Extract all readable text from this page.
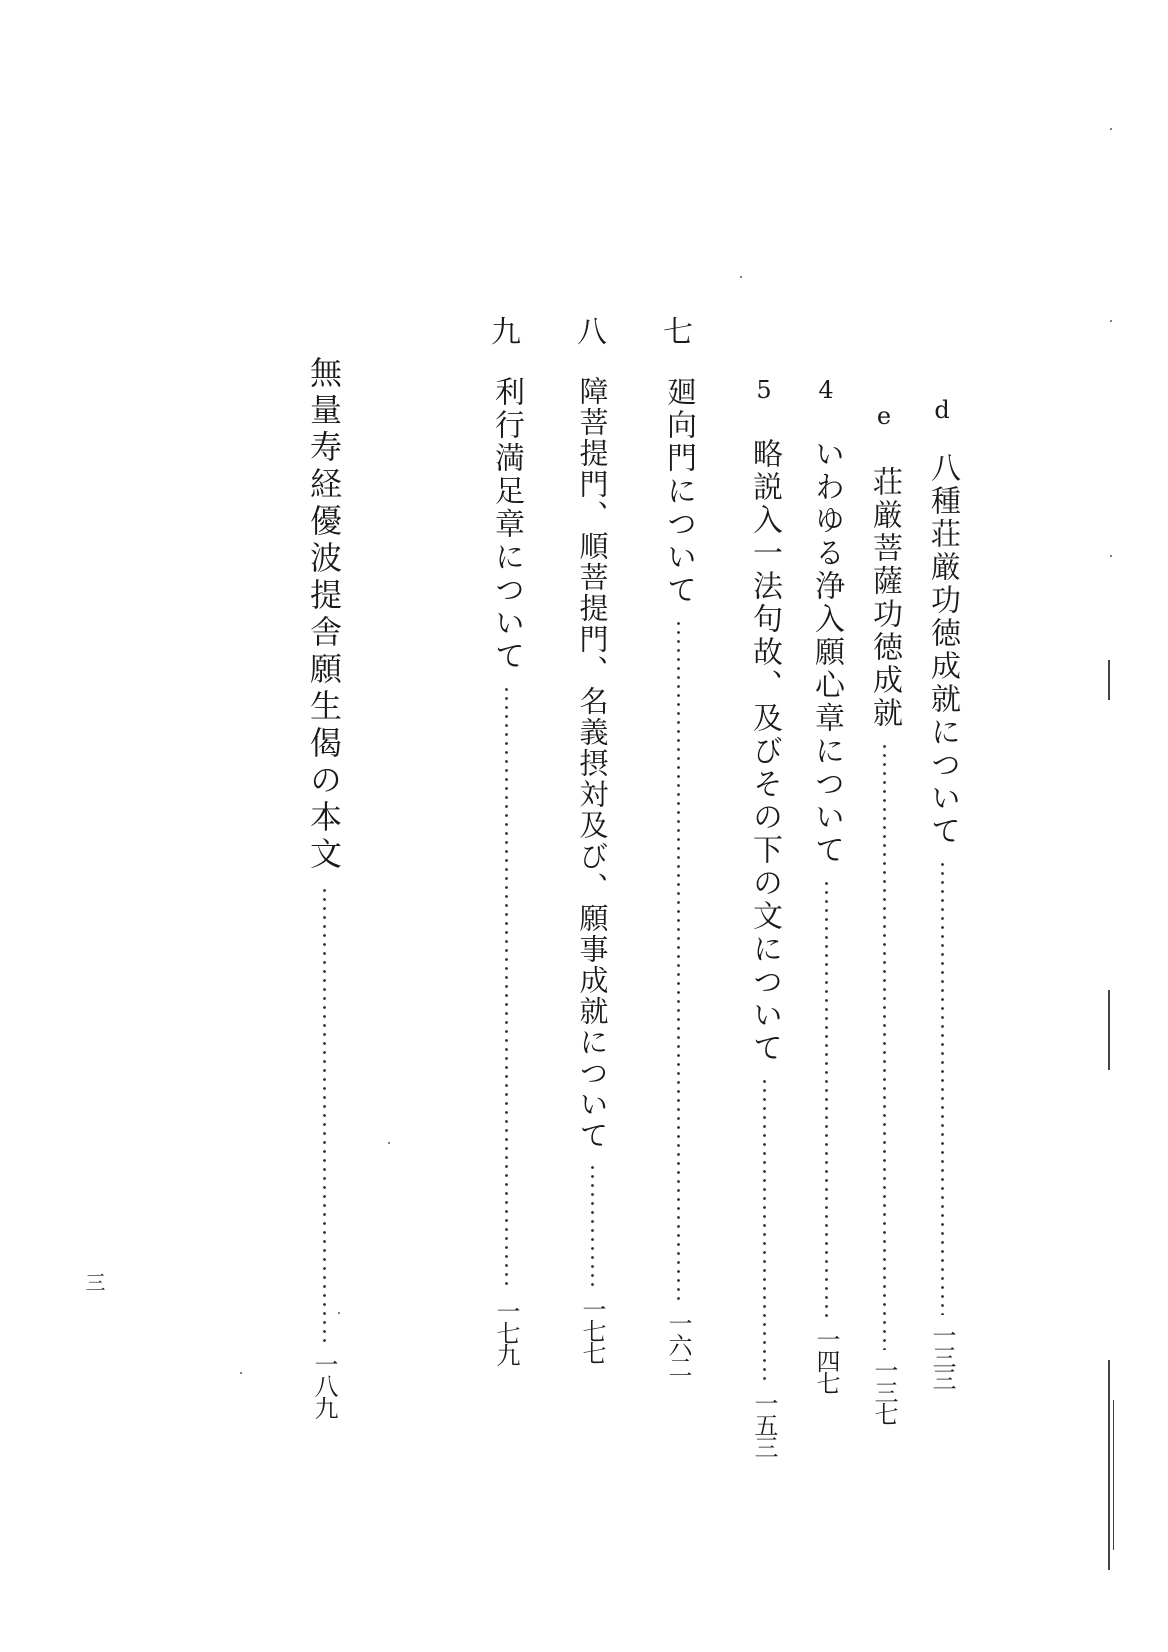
d
八種荘厳功徳成就について
一三三
e
荘厳菩薩功徳成就
一三七
4
いわゆる浄入願心章について
一四七
5
略説入一法句故、及びその下の文について
一五三
七
廻向門について
一六二
八
障菩提門、順菩提門、名義摂対及び、願事成就について
一七七
九
利行満足章について
一七九
無量寿経優波提舎願生偈の本文
一八九
三
